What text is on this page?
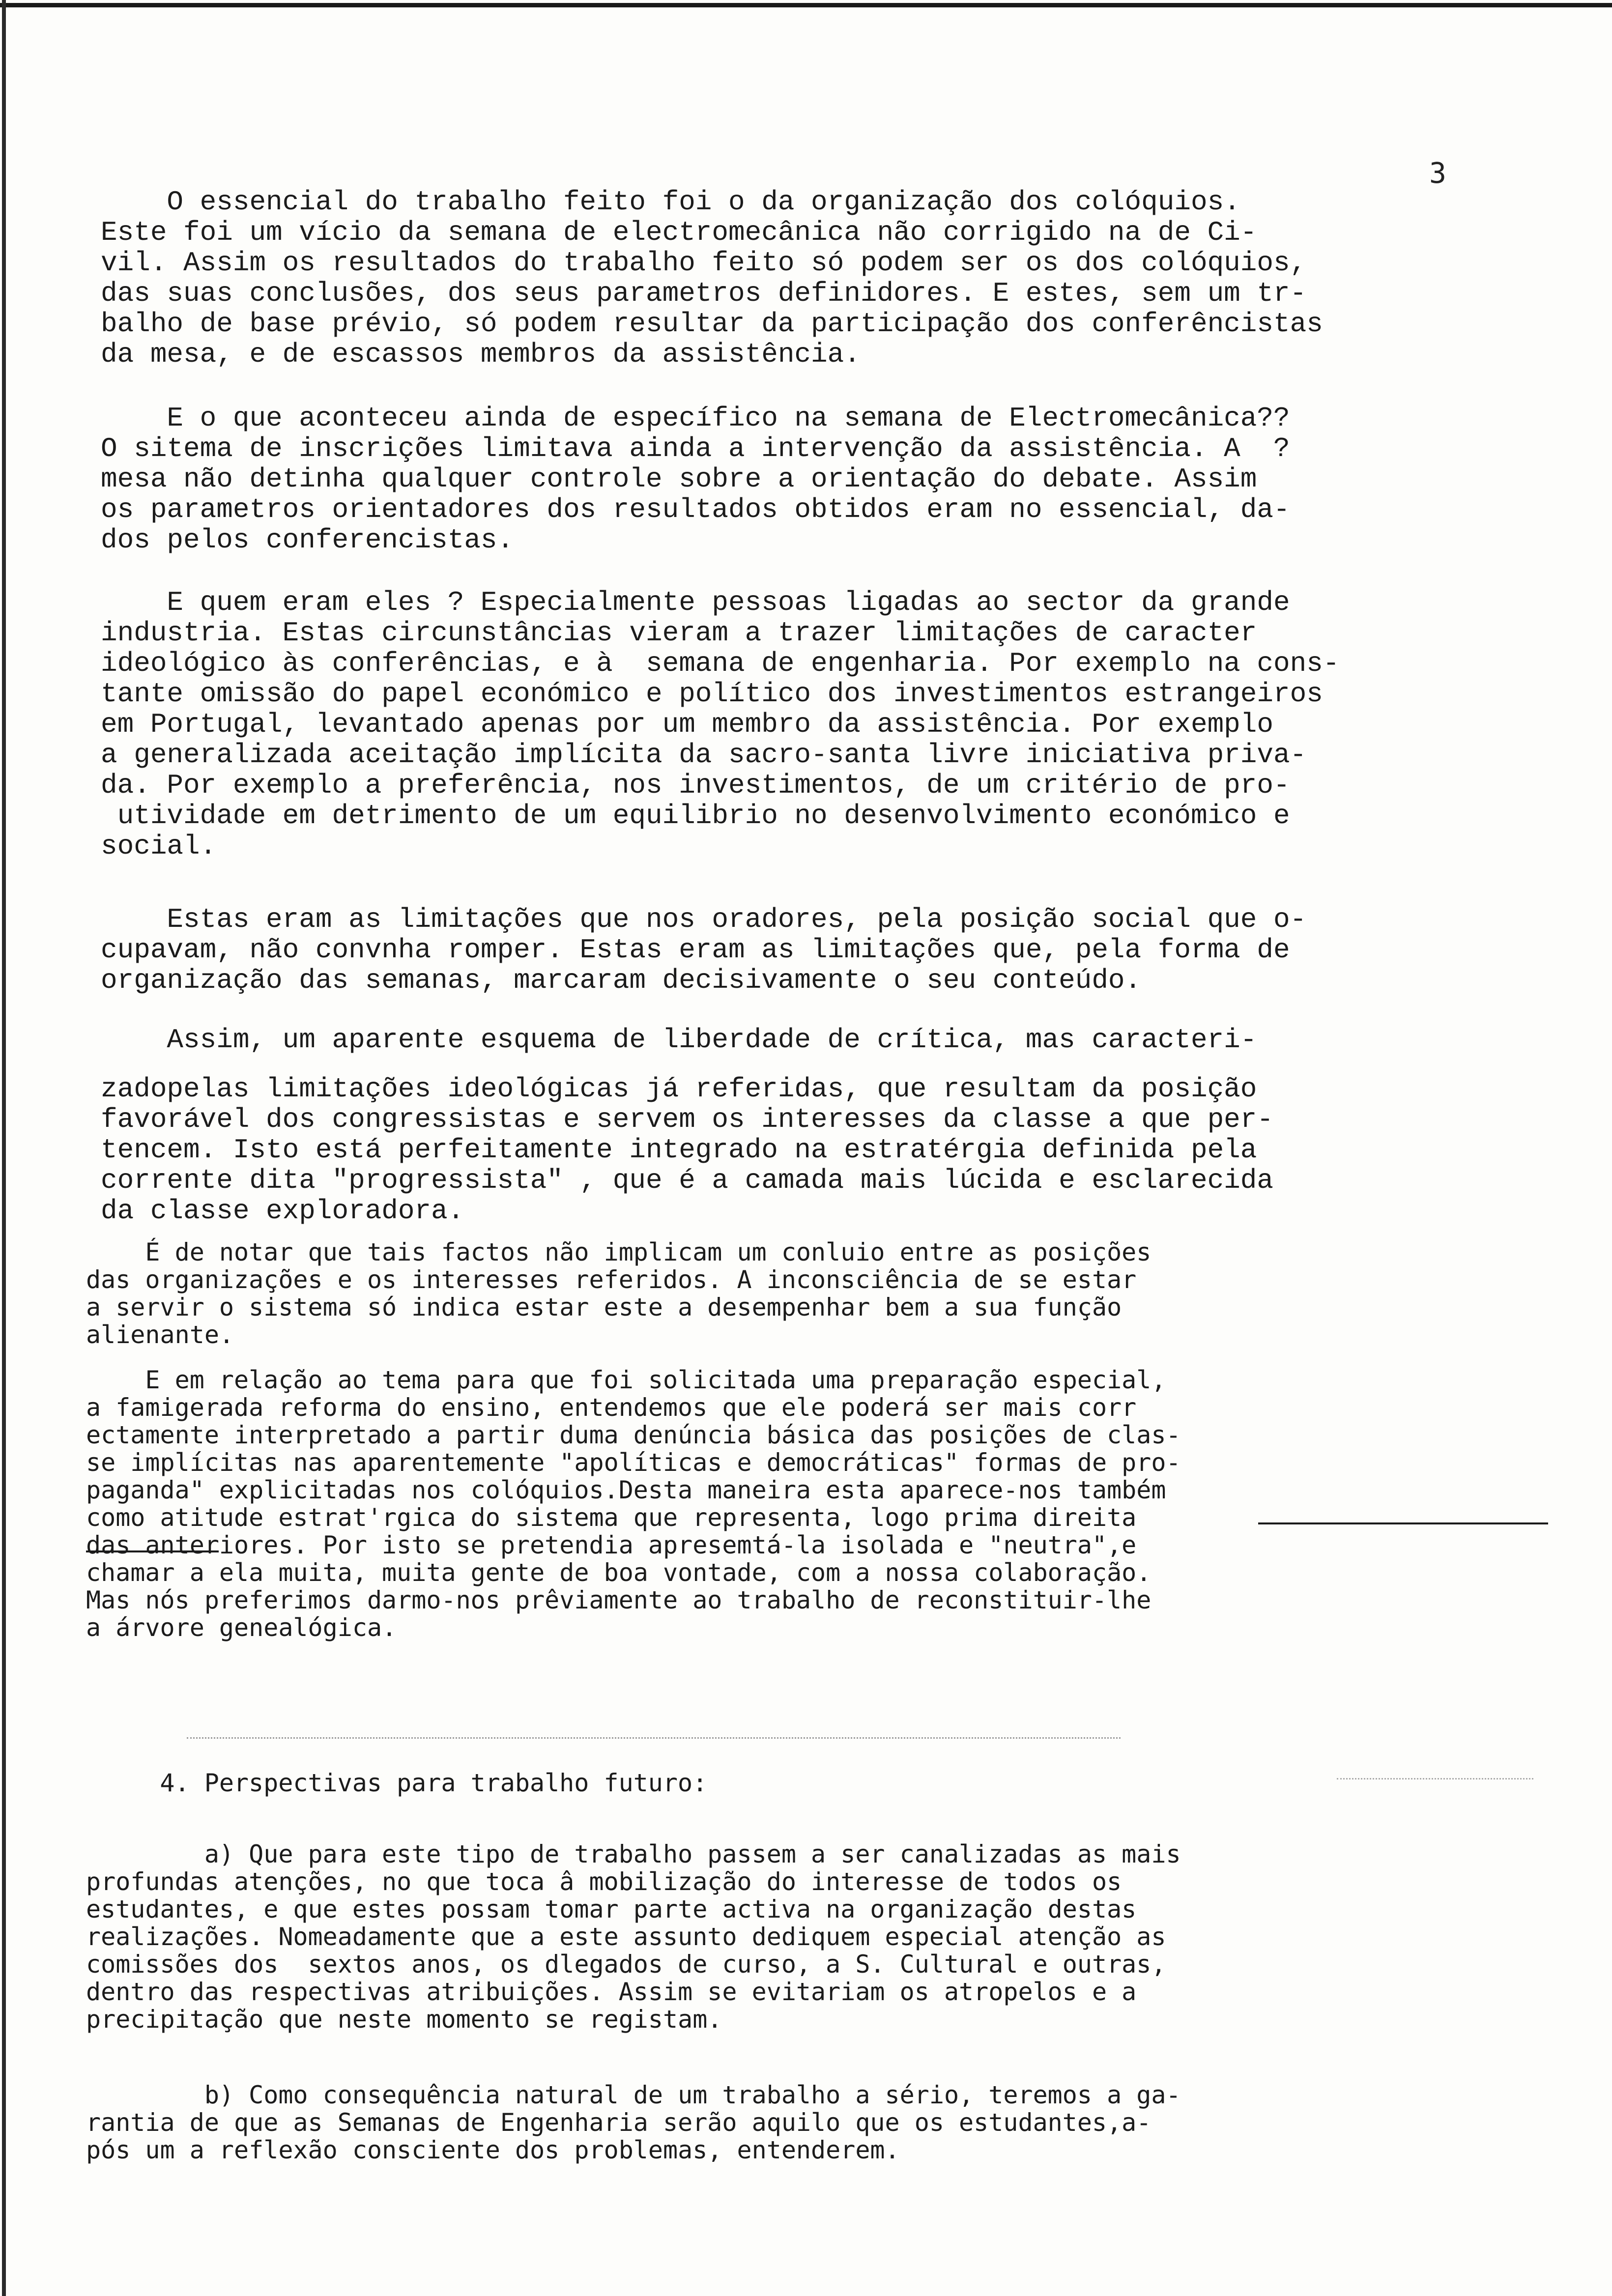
3
O essencial do trabalho feito foi o da organização dos colóquios.
Este foi um vício da semana de electromecânica não corrigido na de Ci-
vil. Assim os resultados do trabalho feito só podem ser os dos colóquios,
das suas conclusões, dos seus parametros definidores. E estes, sem um tr-
balho de base prévio, só podem resultar da participação dos conferêncistas
da mesa, e de escassos membros da assistência.
E o que aconteceu ainda de específico na semana de Electromecânica??
O sitema de inscrições limitava ainda a intervenção da assistência. A  ?
mesa não detinha qualquer controle sobre a orientação do debate. Assim
os parametros orientadores dos resultados obtidos eram no essencial, da-
dos pelos conferencistas.
E quem eram eles ? Especialmente pessoas ligadas ao sector da grande
industria. Estas circunstâncias vieram a trazer limitações de caracter
ideológico às conferências, e à  semana de engenharia. Por exemplo na cons-
tante omissão do papel económico e político dos investimentos estrangeiros
em Portugal, levantado apenas por um membro da assistência. Por exemplo
a generalizada aceitação implícita da sacro-santa livre iniciativa priva-
da. Por exemplo a preferência, nos investimentos, de um critério de pro-
utividade em detrimento de um equilibrio no desenvolvimento económico e
social.
Estas eram as limitações que nos oradores, pela posição social que o-
cupavam, não convnha romper. Estas eram as limitações que, pela forma de
organização das semanas, marcaram decisivamente o seu conteúdo.
Assim, um aparente esquema de liberdade de crítica, mas caracteri-
zadopelas limitações ideológicas já referidas, que resultam da posição
favorável dos congressistas e servem os interesses da classe a que per-
tencem. Isto está perfeitamente integrado na estratérgia definida pela
corrente dita "progressista" , que é a camada mais lúcida e esclarecida
da classe exploradora.
É de notar que tais factos não implicam um conluio entre as posições
das organizações e os interesses referidos. A inconsciência de se estar
a servir o sistema só indica estar este a desempenhar bem a sua função
alienante.
E em relação ao tema para que foi solicitada uma preparação especial,
a famigerada reforma do ensino, entendemos que ele poderá ser mais corr
ectamente interpretado a partir duma denúncia básica das posições de clas-
se implícitas nas aparentemente "apolíticas e democráticas" formas de pro-
paganda" explicitadas nos colóquios.Desta maneira esta aparece-nos também
como atitude estrat'rgica do sistema que representa, logo prima direita
das anteriores. Por isto se pretendia apresemtá-la isolada e "neutra",e
chamar a ela muita, muita gente de boa vontade, com a nossa colaboração.
Mas nós preferimos darmo-nos prêviamente ao trabalho de reconstituir-lhe
a árvore genealógica.
4. Perspectivas para trabalho futuro:
a) Que para este tipo de trabalho passem a ser canalizadas as mais
profundas atenções, no que toca â mobilização do interesse de todos os
estudantes, e que estes possam tomar parte activa na organização destas
realizações. Nomeadamente que a este assunto dediquem especial atenção as
comissões dos  sextos anos, os dlegados de curso, a S. Cultural e outras,
dentro das respectivas atribuições. Assim se evitariam os atropelos e a
precipitação que neste momento se registam.
b) Como consequência natural de um trabalho a sério, teremos a ga-
rantia de que as Semanas de Engenharia serão aquilo que os estudantes,a-
pós um a reflexão consciente dos problemas, entenderem.
